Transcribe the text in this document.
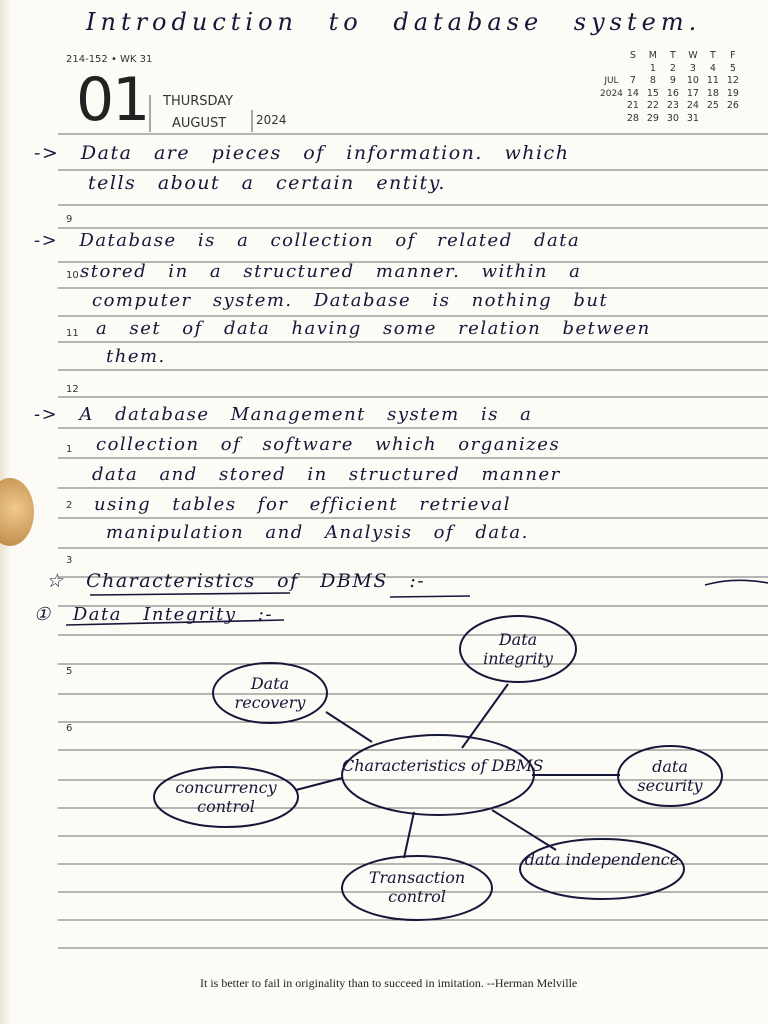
Introduction to database system.
214-152 • WK 31
01 THURSDAY
AUGUST 2024
	S	M	T	W	T	F
		1	2	3	4	5
JUL	7	8	9	10	11	12
2024	14	15	16	17	18	19
	21	22	23	24	25	26
	28	29	30	31		
9
10
11
12
1
2
3
5
6
-> Data are pieces of information. which
tells about a certain entity.
-> Database is a collection of related data
stored in a structured manner. within a
computer system. Database is nothing but
a set of data having some relation between
them.
-> A database Management system is a
collection of software which organizes
data and stored in structured manner
using tables for efficient retrieval
manipulation and Analysis of data.
☆ Characteristics of DBMS :-
① Data Integrity :-
Characteristics of DBMS
Data integrity
Data recovery
concurrency control
data security
Transaction control
data independence
It is better to fail in originality than to succeed in imitation. --Herman Melville
